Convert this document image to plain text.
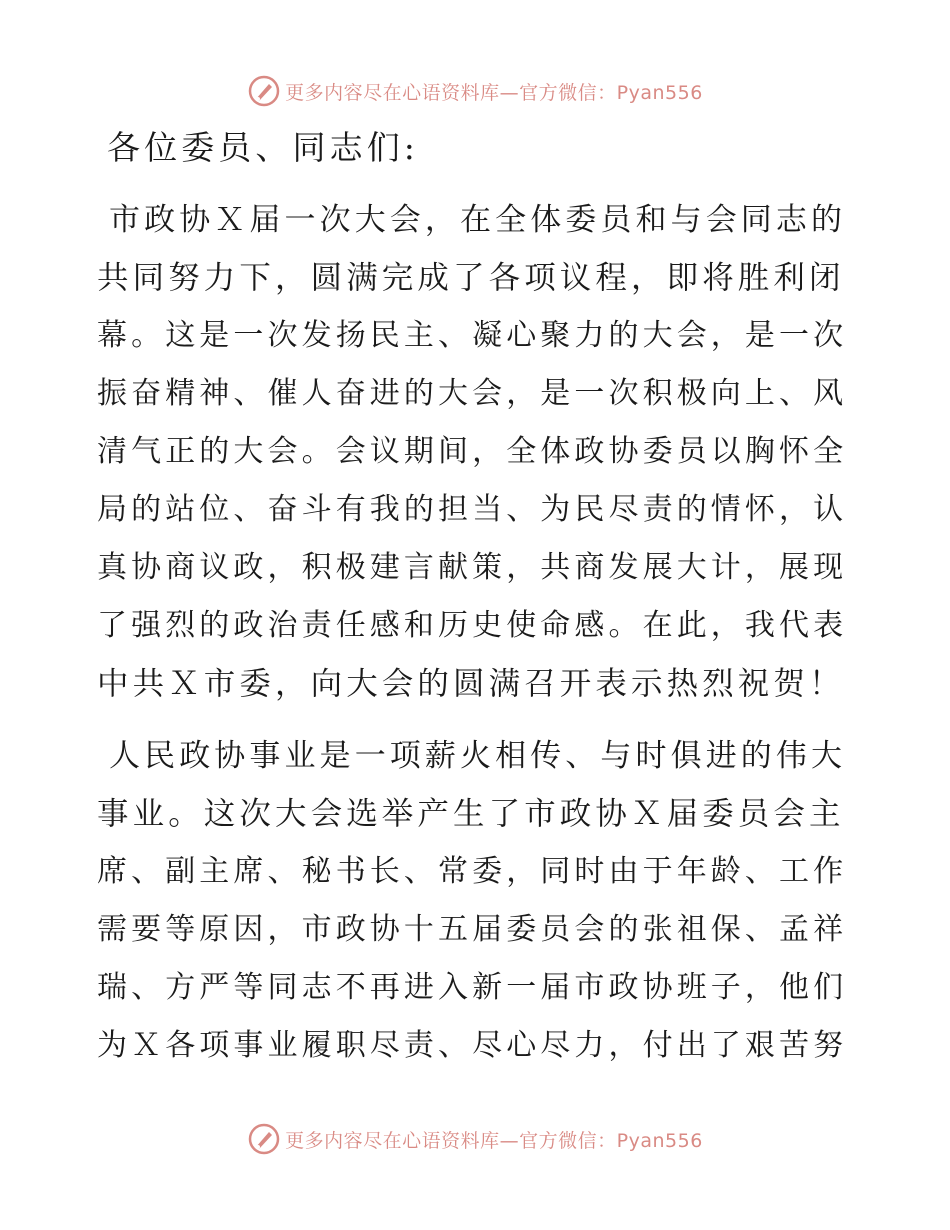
更多内容尽在心语资料库—官方微信：Pyan556
各位委员、同志们:
市政协Ｘ届一次大会，在全体委员和与会同志的
共同努力下，圆满完成了各项议程，即将胜利闭
幕。这是一次发扬民主、凝心聚力的大会，是一次
振奋精神、催人奋进的大会，是一次积极向上、风
清气正的大会。会议期间，全体政协委员以胸怀全
局的站位、奋斗有我的担当、为民尽责的情怀，认
真协商议政，积极建言献策，共商发展大计，展现
了强烈的政治责任感和历史使命感。在此，我代表
中共Ｘ市委，向大会的圆满召开表示热烈祝贺！
人民政协事业是一项薪火相传、与时俱进的伟大
事业。这次大会选举产生了市政协Ｘ届委员会主
席、副主席、秘书长、常委，同时由于年龄、工作
需要等原因，市政协十五届委员会的张祖保、孟祥
瑞、方严等同志不再进入新一届市政协班子，他们
为Ｘ各项事业履职尽责、尽心尽力，付出了艰苦努
更多内容尽在心语资料库—官方微信：Pyan556
